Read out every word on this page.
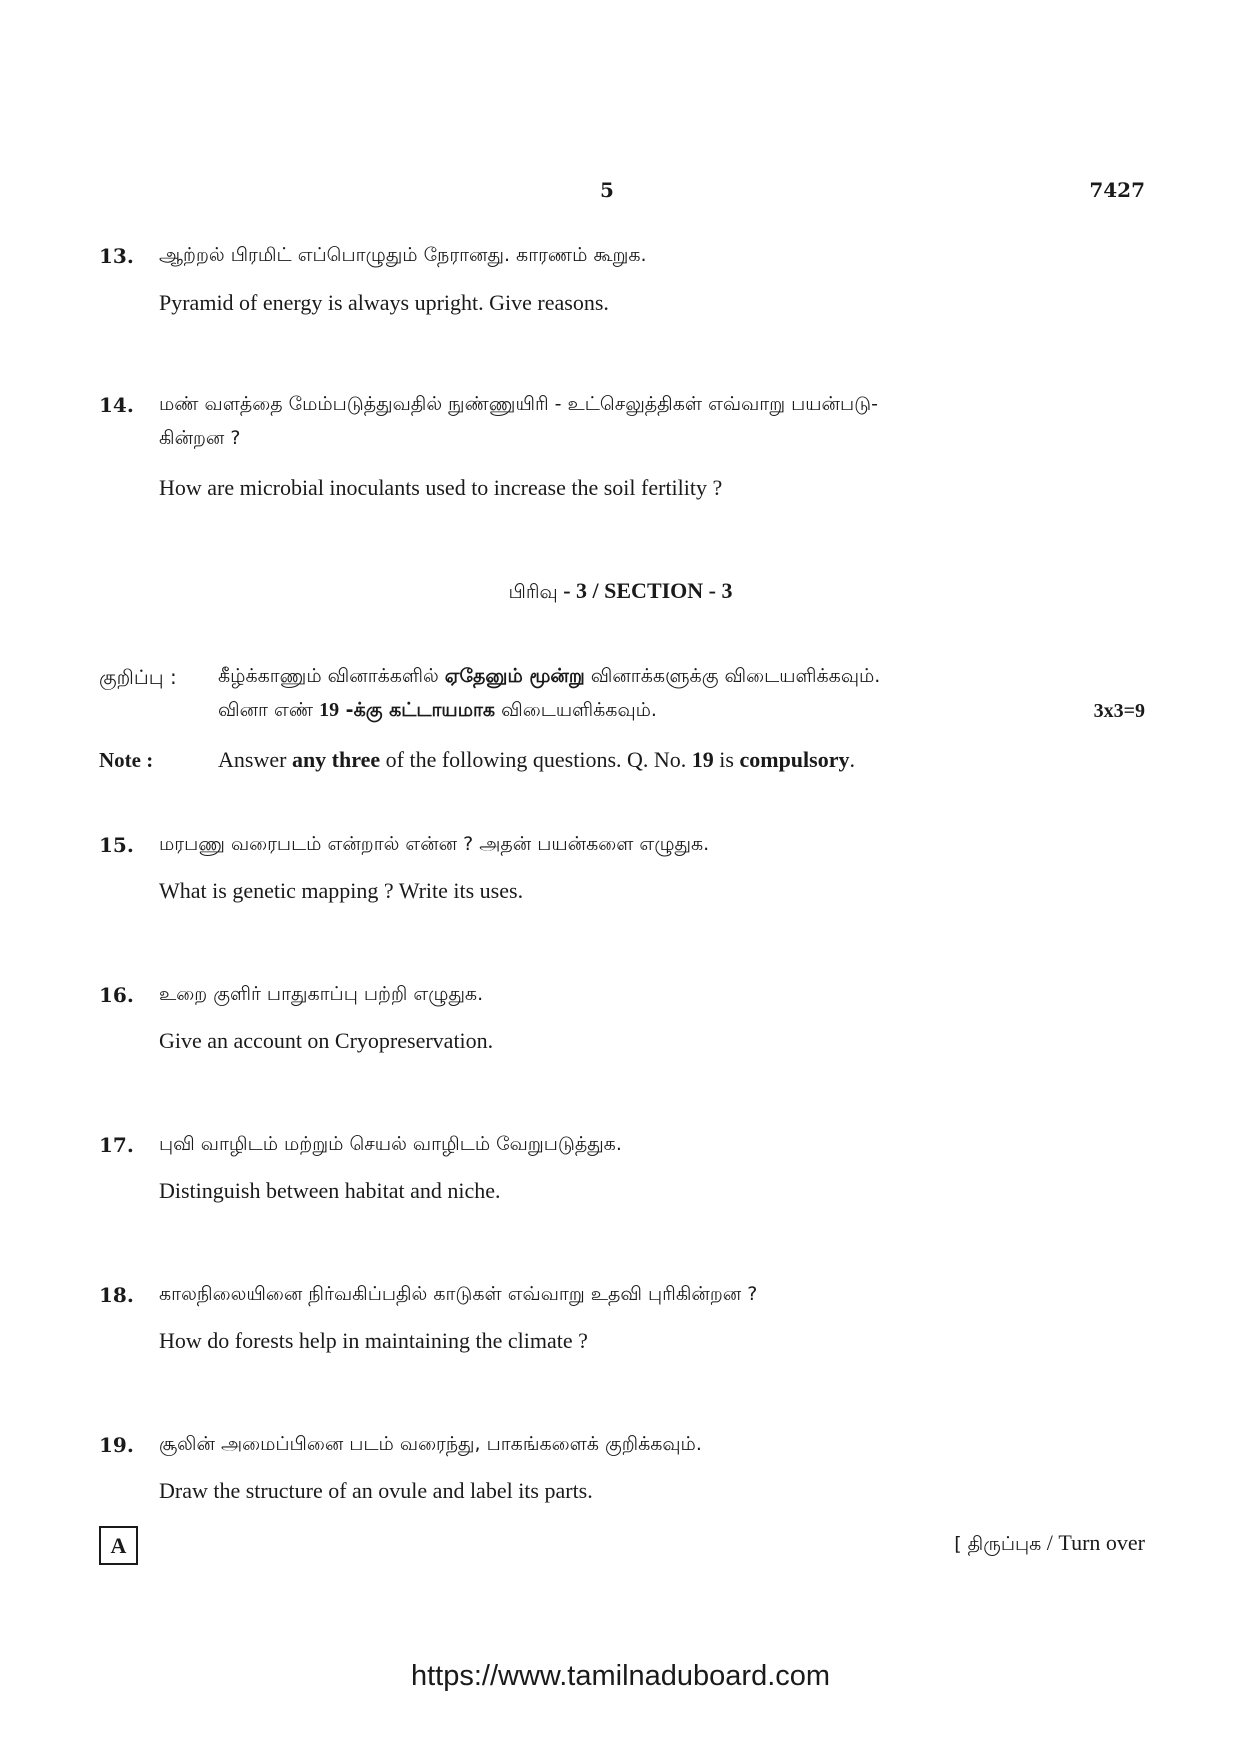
5	7427
13. ஆற்றல் பிரமிட் எப்பொழுதும் நேரானது. காரணம் கூறுக.
Pyramid of energy is always upright. Give reasons.
14. மண் வளத்தை மேம்படுத்துவதில் நுண்ணுயிரி - உட்செலுத்திகள் எவ்வாறு பயன்படு-
கின்றன ?
How are microbial inoculants used to increase the soil fertility ?
பிரிவு - 3 / SECTION - 3
குறிப்பு : கீழ்க்காணும் வினாக்களில் ஏதேனும் மூன்று வினாக்களுக்கு விடையளிக்கவும்.
வினா எண் 19 -க்கு கட்டாயமாக விடையளிக்கவும்.	3x3=9
Note :	Answer any three of the following questions. Q. No. 19 is compulsory.
15. மரபணு வரைபடம் என்றால் என்ன ? அதன் பயன்களை எழுதுக.
What is genetic mapping ? Write its uses.
16. உறை குளிர் பாதுகாப்பு பற்றி எழுதுக.
Give an account on Cryopreservation.
17. புவி வாழிடம் மற்றும் செயல் வாழிடம் வேறுபடுத்துக.
Distinguish between habitat and niche.
18. காலநிலையினை நிர்வகிப்பதில் காடுகள் எவ்வாறு உதவி புரிகின்றன ?
How do forests help in maintaining the climate ?
19. சூலின் அமைப்பினை படம் வரைந்து, பாகங்களைக் குறிக்கவும்.
Draw the structure of an ovule and label its parts.
A	[ திருப்புக / Turn over
https://www.tamilnaduboard.com
